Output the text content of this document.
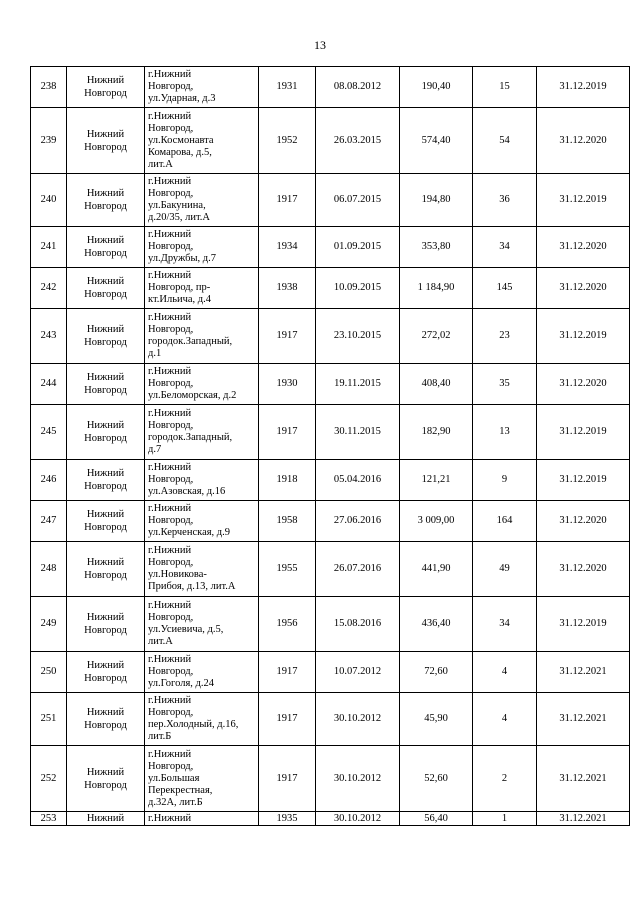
13
238	Нижний Новгород	г.Нижний
Новгород,
ул.Ударная, д.3	1931	08.08.2012	190,40	15	31.12.2019
239	Нижний Новгород	г.Нижний
Новгород,
ул.Космонавта
Комарова, д.5,
лит.А	1952	26.03.2015	574,40	54	31.12.2020
240	Нижний Новгород	г.Нижний
Новгород,
ул.Бакунина,
д.20/35, лит.А	1917	06.07.2015	194,80	36	31.12.2019
241	Нижний Новгород	г.Нижний
Новгород,
ул.Дружбы, д.7	1934	01.09.2015	353,80	34	31.12.2020
242	Нижний Новгород	г.Нижний
Новгород, пр-
кт.Ильича, д.4	1938	10.09.2015	1 184,90	145	31.12.2020
243	Нижний Новгород	г.Нижний
Новгород,
городок.Западный,
д.1	1917	23.10.2015	272,02	23	31.12.2019
244	Нижний Новгород	г.Нижний
Новгород,
ул.Беломорская, д.2	1930	19.11.2015	408,40	35	31.12.2020
245	Нижний Новгород	г.Нижний
Новгород,
городок.Западный,
д.7	1917	30.11.2015	182,90	13	31.12.2019
246	Нижний Новгород	г.Нижний
Новгород,
ул.Азовская, д.16	1918	05.04.2016	121,21	9	31.12.2019
247	Нижний Новгород	г.Нижний
Новгород,
ул.Керченская, д.9	1958	27.06.2016	3 009,00	164	31.12.2020
248	Нижний Новгород	г.Нижний
Новгород,
ул.Новикова-
Прибоя, д.13, лит.А	1955	26.07.2016	441,90	49	31.12.2020
249	Нижний Новгород	г.Нижний
Новгород,
ул.Усиевича, д.5,
лит.А	1956	15.08.2016	436,40	34	31.12.2019
250	Нижний Новгород	г.Нижний
Новгород,
ул.Гоголя, д.24	1917	10.07.2012	72,60	4	31.12.2021
251	Нижний Новгород	г.Нижний
Новгород,
пер.Холодный, д.16,
лит.Б	1917	30.10.2012	45,90	4	31.12.2021
252	Нижний Новгород	г.Нижний
Новгород,
ул.Большая
Перекрестная,
д.32А, лит.Б	1917	30.10.2012	52,60	2	31.12.2021
253	Нижний	г.Нижний	1935	30.10.2012	56,40	1	31.12.2021
